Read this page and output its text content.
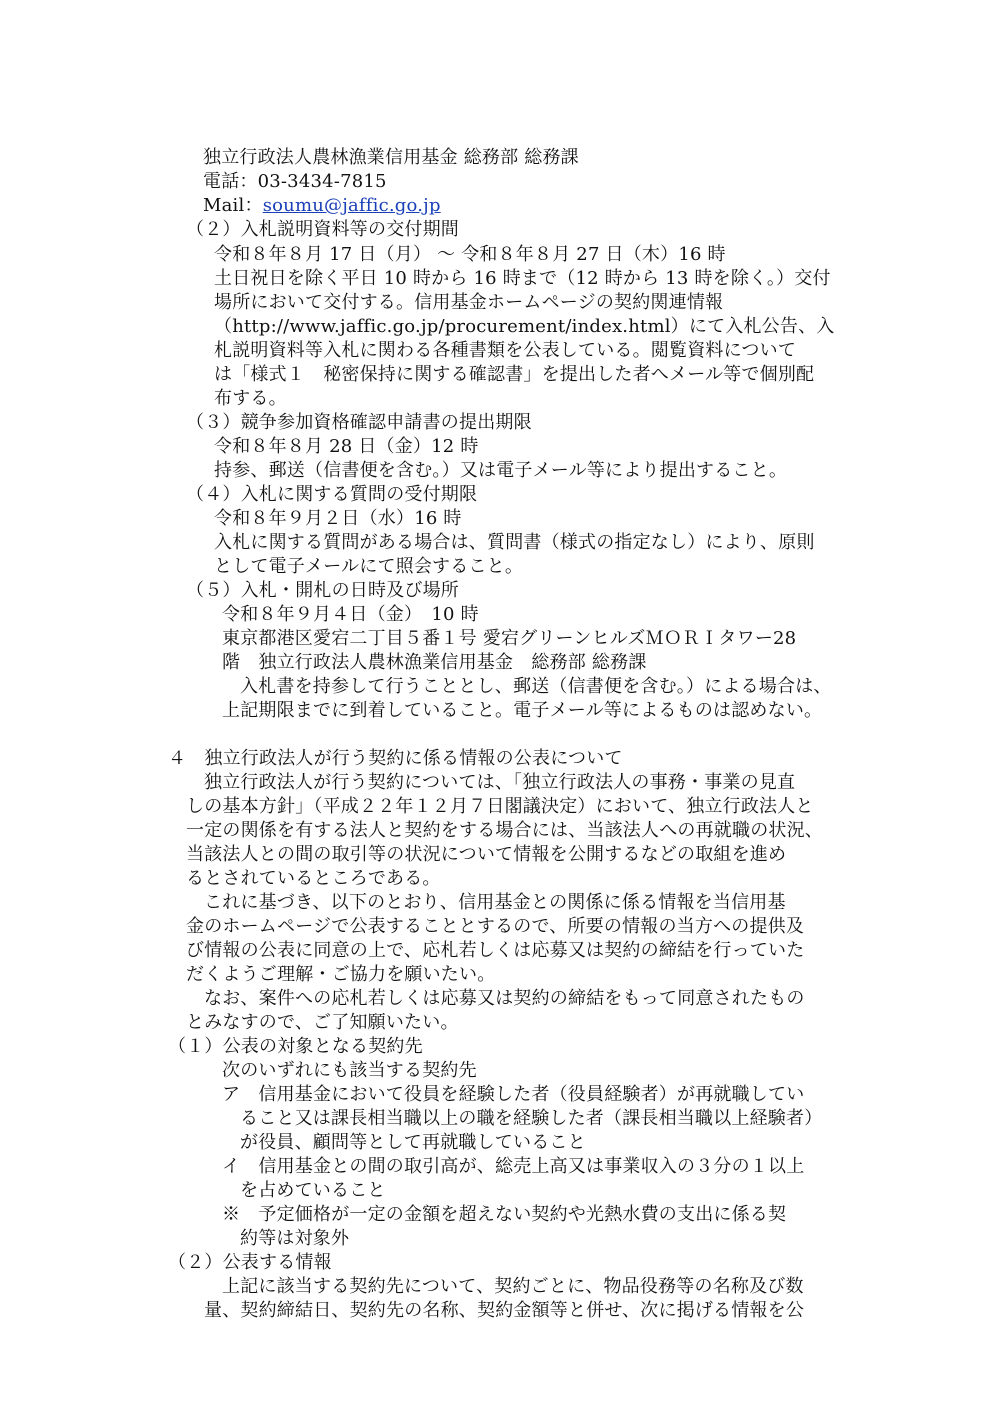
独立行政法人農林漁業信用基金 総務部 総務課
電話：03-3434-7815
Mail：soumu@jaffic.go.jp
（２）入札説明資料等の交付期間
令和８年８月 17 日（月） ～ 令和８年８月 27 日（木）16 時
土日祝日を除く平日 10 時から 16 時まで（12 時から 13 時を除く。）交付
場所において交付する。信用基金ホームページの契約関連情報
（http://www.jaffic.go.jp/procurement/index.html）にて入札公告、入
札説明資料等入札に関わる各種書類を公表している。閲覧資料について
は「様式１　秘密保持に関する確認書」を提出した者へメール等で個別配
布する。
（３）競争参加資格確認申請書の提出期限
令和８年８月 28 日（金）12 時
持参、郵送（信書便を含む。）又は電子メール等により提出すること。
（４）入札に関する質問の受付期限
令和８年９月２日（水）16 時
入札に関する質問がある場合は、質問書（様式の指定なし）により、原則
として電子メールにて照会すること。
（５）入札・開札の日時及び場所
令和８年９月４日（金）　10 時
東京都港区愛宕二丁目５番１号 愛宕グリーンヒルズＭＯＲＩタワー28
階　独立行政法人農林漁業信用基金　総務部 総務課
入札書を持参して行うこととし、郵送（信書便を含む。）による場合は、
上記期限までに到着していること。電子メール等によるものは認めない。
４　独立行政法人が行う契約に係る情報の公表について
独立行政法人が行う契約については、「独立行政法人の事務・事業の見直
しの基本方針」（平成２２年１２月７日閣議決定）において、独立行政法人と
一定の関係を有する法人と契約をする場合には、当該法人への再就職の状況、
当該法人との間の取引等の状況について情報を公開するなどの取組を進め
るとされているところである。
これに基づき、以下のとおり、信用基金との関係に係る情報を当信用基
金のホームページで公表することとするので、所要の情報の当方への提供及
び情報の公表に同意の上で、応札若しくは応募又は契約の締結を行っていた
だくようご理解・ご協力を願いたい。
なお、案件への応札若しくは応募又は契約の締結をもって同意されたもの
とみなすので、ご了知願いたい。
（１）公表の対象となる契約先
次のいずれにも該当する契約先
ア　信用基金において役員を経験した者（役員経験者）が再就職してい
ること又は課長相当職以上の職を経験した者（課長相当職以上経験者）
が役員、顧問等として再就職していること
イ　信用基金との間の取引高が、総売上高又は事業収入の３分の１以上
を占めていること
※　予定価格が一定の金額を超えない契約や光熱水費の支出に係る契
約等は対象外
（２）公表する情報
上記に該当する契約先について、契約ごとに、物品役務等の名称及び数
量、契約締結日、契約先の名称、契約金額等と併せ、次に掲げる情報を公
